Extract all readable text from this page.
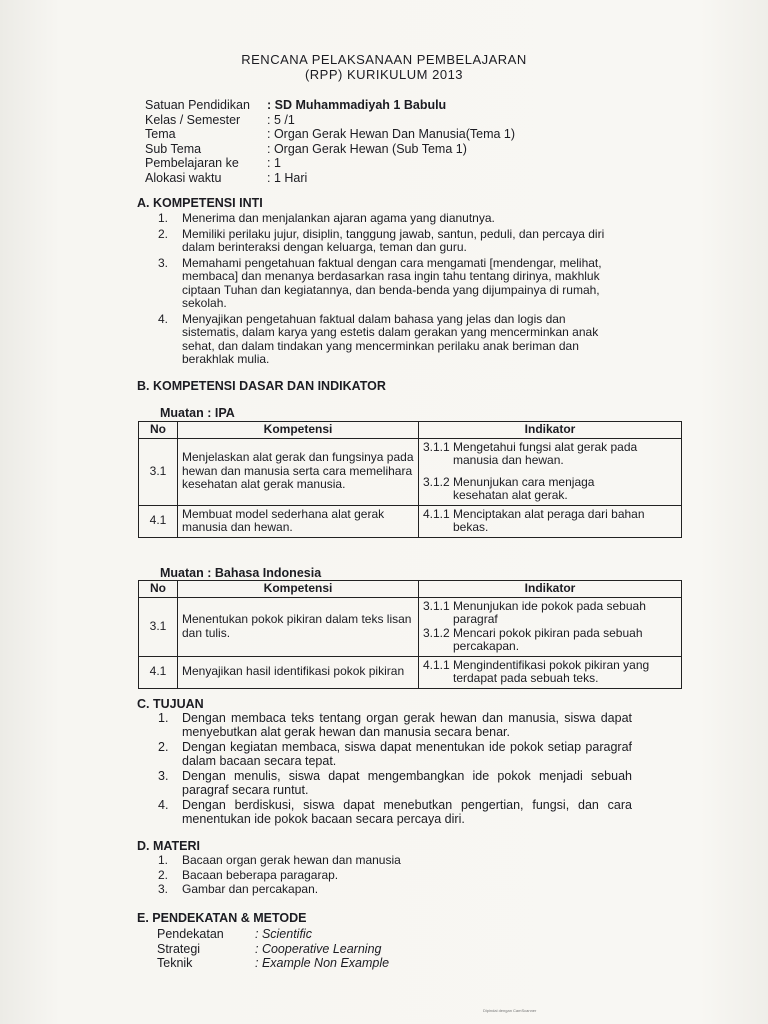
RENCANA PELAKSANAAN PEMBELAJARAN
(RPP) KURIKULUM 2013
Satuan Pendidikan	: SD Muhammadiyah 1 Babulu
Kelas / Semester	: 5 /1
Tema	: Organ Gerak Hewan Dan Manusia(Tema 1)
Sub Tema	: Organ Gerak Hewan (Sub Tema 1)
Pembelajaran ke	: 1
Alokasi waktu	: 1 Hari
A. KOMPETENSI INTI
1.	Menerima dan menjalankan ajaran agama yang dianutnya.
2.	Memiliki perilaku jujur, disiplin, tanggung jawab, santun, peduli, dan percaya diri dalam berinteraksi dengan keluarga, teman dan guru.
3.	Memahami pengetahuan faktual dengan cara mengamati [mendengar, melihat, membaca] dan menanya berdasarkan rasa ingin tahu tentang dirinya, makhluk ciptaan Tuhan dan kegiatannya, dan benda-benda yang dijumpainya di rumah, sekolah.
4.	Menyajikan pengetahuan faktual dalam bahasa yang jelas dan logis dan sistematis, dalam karya yang estetis dalam gerakan yang mencerminkan anak sehat, dan dalam tindakan yang mencerminkan perilaku anak beriman dan berakhlak mulia.
B. KOMPETENSI DASAR DAN INDIKATOR
Muatan : IPA
No	Kompetensi	Indikator
3.1	Menjelaskan alat gerak dan fungsinya pada hewan dan manusia serta cara memelihara kesehatan alat gerak manusia.	3.1.1 Mengetahui fungsi alat gerak pada
manusia dan hewan.
3.1.2 Menunjukan cara menjaga
kesehatan alat gerak.

4.1	Membuat model sederhana alat gerak manusia dan hewan.	4.1.1 Menciptakan alat peraga dari bahan
bekas.
Muatan : Bahasa Indonesia
No	Kompetensi	Indikator
3.1	Menentukan pokok pikiran dalam teks lisan dan tulis.	3.1.1 Menunjukan ide pokok pada sebuah
paragraf
3.1.2 Mencari pokok pikiran pada sebuah
percakapan.

4.1	Menyajikan hasil identifikasi pokok pikiran	4.1.1 Mengindentifikasi pokok pikiran yang
terdapat pada sebuah teks.
C. TUJUAN
1.	Dengan membaca teks tentang organ gerak hewan dan manusia, siswa dapat menyebutkan alat gerak hewan dan manusia secara benar.
2.	Dengan kegiatan membaca, siswa dapat menentukan ide pokok setiap paragraf dalam bacaan secara tepat.
3.	Dengan menulis, siswa dapat mengembangkan ide pokok menjadi sebuah paragraf secara runtut.
4.	Dengan berdiskusi, siswa dapat menebutkan pengertian, fungsi, dan cara menentukan ide pokok bacaan secara percaya diri.
D. MATERI
1.	Bacaan organ gerak hewan dan manusia
2.	Bacaan beberapa paragarap.
3.	Gambar dan percakapan.
E. PENDEKATAN & METODE
Pendekatan	: Scientific
Strategi	: Cooperative Learning
Teknik	: Example Non Example
Dipindai dengan CamScanner
